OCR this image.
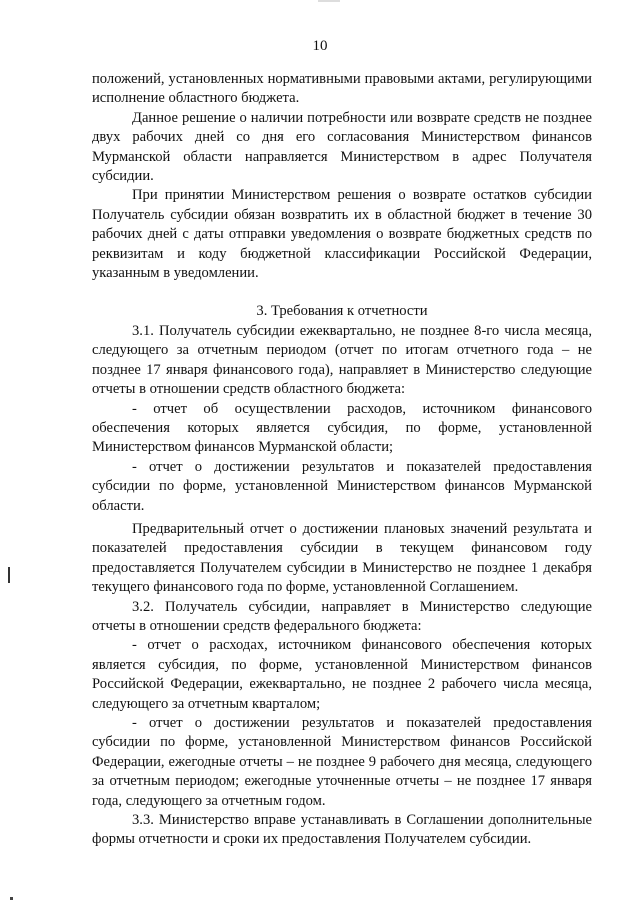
10

положений, установленных нормативными правовыми актами, регулирующими исполнение областного бюджета.

Данное решение о наличии потребности или возврате средств не позднее двух рабочих дней со дня его согласования Министерством финансов Мурманской области направляется Министерством в адрес Получателя субсидии.

При принятии Министерством решения о возврате остатков субсидии Получатель субсидии обязан возвратить их в областной бюджет в течение 30 рабочих дней с даты отправки уведомления о возврате бюджетных средств по реквизитам и коду бюджетной классификации Российской Федерации, указанным в уведомлении.

3. Требования к отчетности

3.1. Получатель субсидии ежеквартально, не позднее 8-го числа месяца, следующего за отчетным периодом (отчет по итогам отчетного года – не позднее 17 января финансового года), направляет в Министерство следующие отчеты в отношении средств областного бюджета:

- отчет об осуществлении расходов, источником финансового обеспечения которых является субсидия, по форме, установленной Министерством финансов Мурманской области;

- отчет о достижении результатов и показателей предоставления субсидии по форме, установленной Министерством финансов Мурманской области.

Предварительный отчет о достижении плановых значений результата и показателей предоставления субсидии в текущем финансовом году предоставляется Получателем субсидии в Министерство не позднее 1 декабря текущего финансового года по форме, установленной Соглашением.

3.2. Получатель субсидии, направляет в Министерство следующие отчеты в отношении средств федерального бюджета:

- отчет о расходах, источником финансового обеспечения которых является субсидия, по форме, установленной Министерством финансов Российской Федерации, ежеквартально, не позднее 2 рабочего числа месяца, следующего за отчетным кварталом;

- отчет о достижении результатов и показателей предоставления субсидии по форме, установленной Министерством финансов Российской Федерации, ежегодные отчеты – не позднее 9 рабочего дня месяца, следующего за отчетным периодом; ежегодные уточненные отчеты – не позднее 17 января года, следующего за отчетным годом.

3.3. Министерство вправе устанавливать в Соглашении дополнительные формы отчетности и сроки их предоставления Получателем субсидии.
